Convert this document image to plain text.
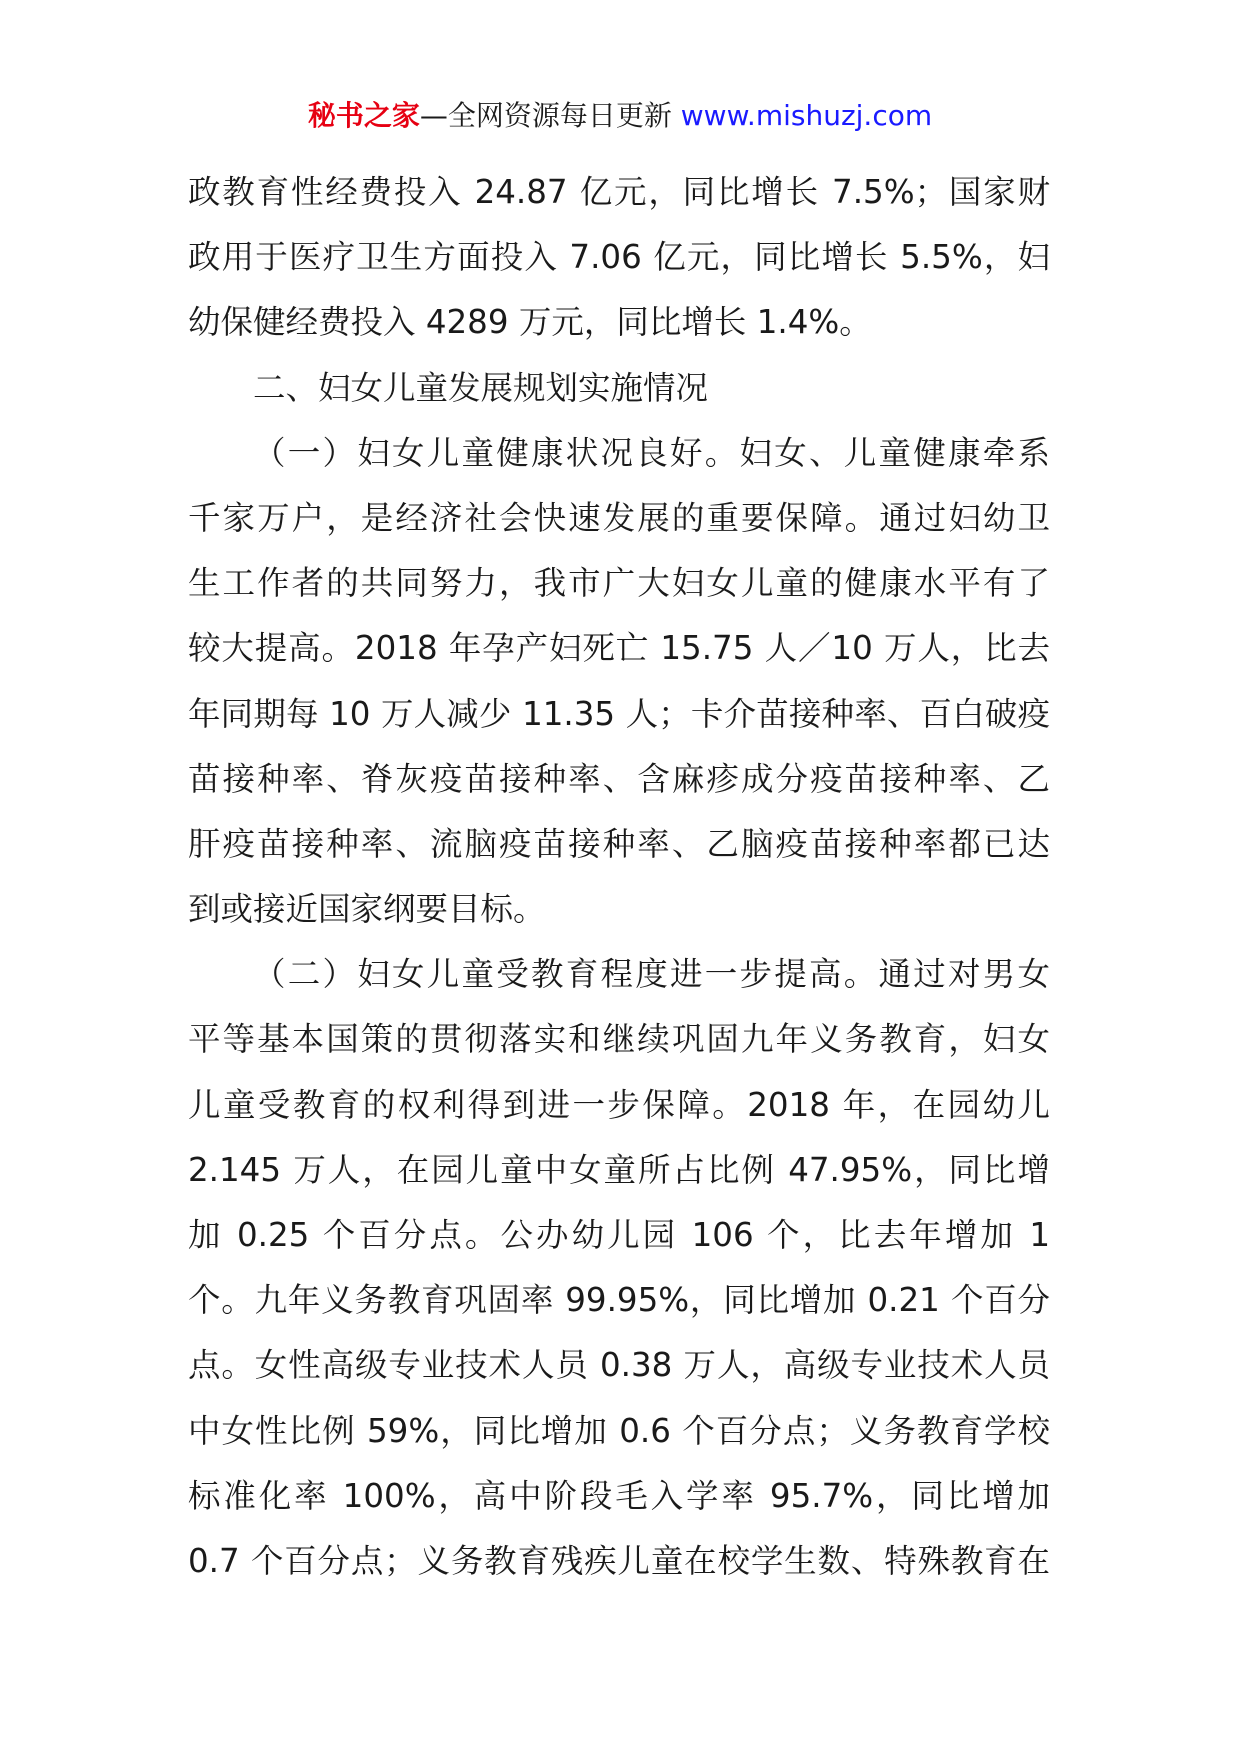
秘书之家—全网资源每日更新 www.mishuzj.com
政教育性经费投入 24.87 亿元，同比增长 7.5%；国家财
政用于医疗卫生方面投入 7.06 亿元，同比增长 5.5%，妇
幼保健经费投入 4289 万元，同比增长 1.4%。
二、妇女儿童发展规划实施情况
（一）妇女儿童健康状况良好。妇女、儿童健康牵系
千家万户，是经济社会快速发展的重要保障。通过妇幼卫
生工作者的共同努力，我市广大妇女儿童的健康水平有了
较大提高。2018 年孕产妇死亡 15.75 人／10 万人，比去
年同期每 10 万人减少 11.35 人；卡介苗接种率、百白破疫
苗接种率、脊灰疫苗接种率、含麻疹成分疫苗接种率、乙
肝疫苗接种率、流脑疫苗接种率、乙脑疫苗接种率都已达
到或接近国家纲要目标。
（二）妇女儿童受教育程度进一步提高。通过对男女
平等基本国策的贯彻落实和继续巩固九年义务教育，妇女
儿童受教育的权利得到进一步保障。2018 年，在园幼儿
2.145 万人，在园儿童中女童所占比例 47.95%，同比增
加 0.25 个百分点。公办幼儿园 106 个，比去年增加 1
个。九年义务教育巩固率 99.95%，同比增加 0.21 个百分
点。女性高级专业技术人员 0.38 万人，高级专业技术人员
中女性比例 59%，同比增加 0.6 个百分点；义务教育学校
标准化率 100%，高中阶段毛入学率 95.7%，同比增加
0.7 个百分点；义务教育残疾儿童在校学生数、特殊教育在
